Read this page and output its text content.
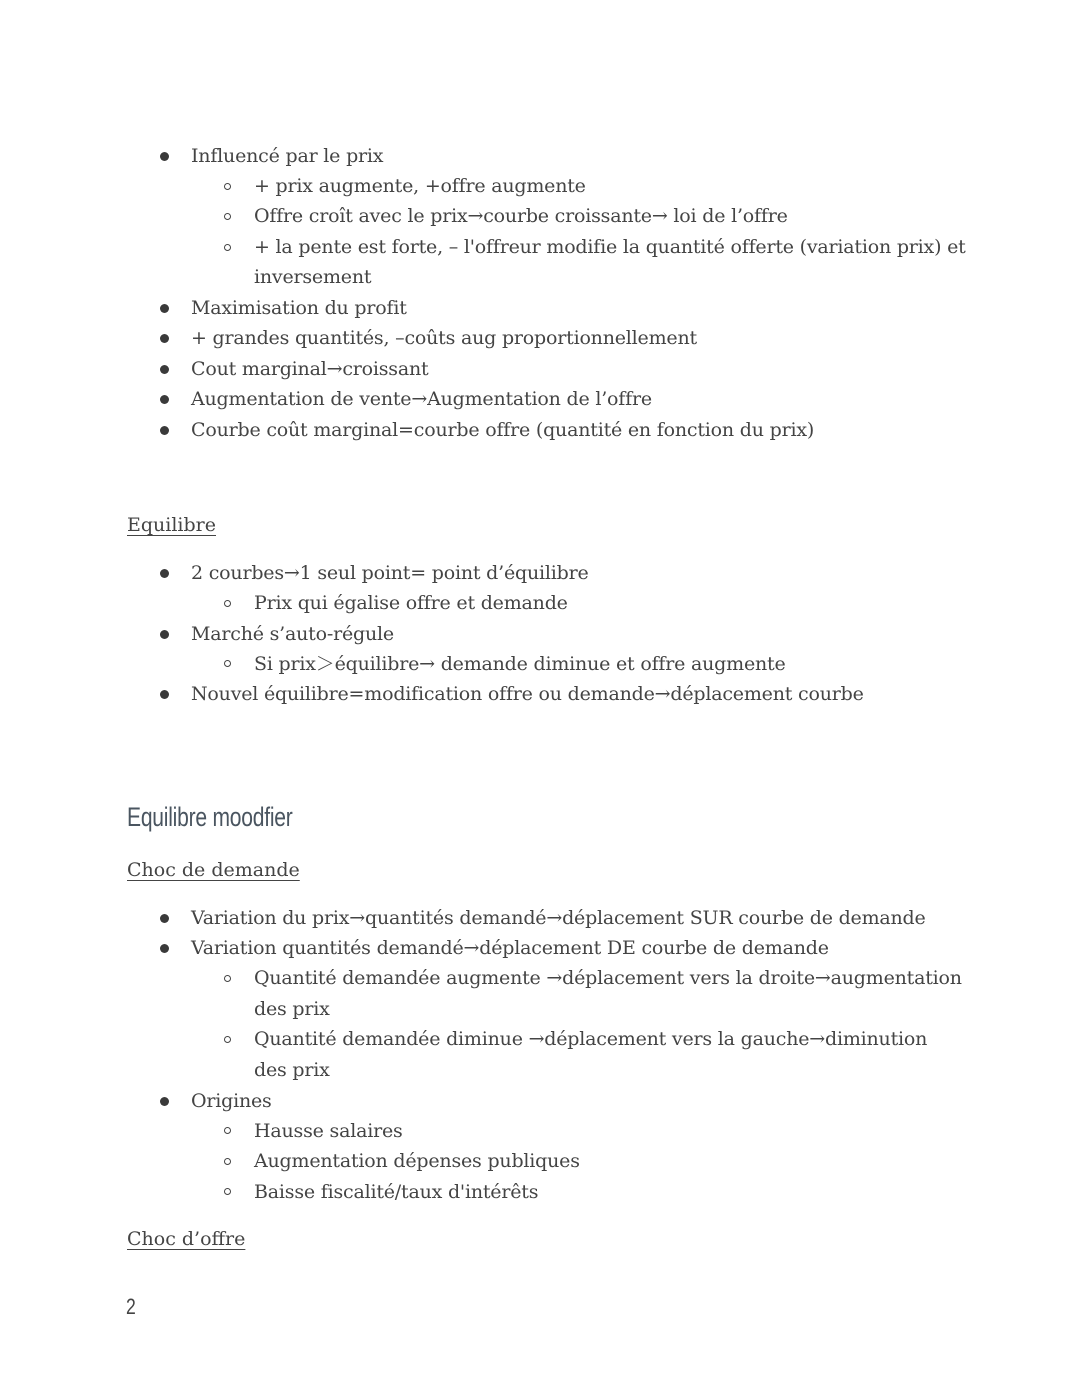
Influencé par le prix
+ prix augmente, +offre augmente
Offre croît avec le prix→courbe croissante→ loi de l’offre
+ la pente est forte, – l'offreur modifie la quantité offerte (variation prix) et
inversement
Maximisation du profit
+ grandes quantités, –coûts aug proportionnellement
Cout marginal→croissant
Augmentation de vente→Augmentation de l’offre
Courbe coût marginal=courbe offre (quantité en fonction du prix)
Equilibre
2 courbes→1 seul point= point d’équilibre
Prix qui égalise offre et demande
Marché s’auto-régule
Si prix＞équilibre→ demande diminue et offre augmente
Nouvel équilibre=modification offre ou demande→déplacement courbe
Equilibre moodfier
Choc de demande
Variation du prix→quantités demandé→déplacement SUR courbe de demande
Variation quantités demandé→déplacement DE courbe de demande
Quantité demandée augmente →déplacement vers la droite→augmentation
des prix
Quantité demandée diminue →déplacement vers la gauche→diminution
des prix
Origines
Hausse salaires
Augmentation dépenses publiques
Baisse fiscalité/taux d'intérêts
Choc d’offre
2
